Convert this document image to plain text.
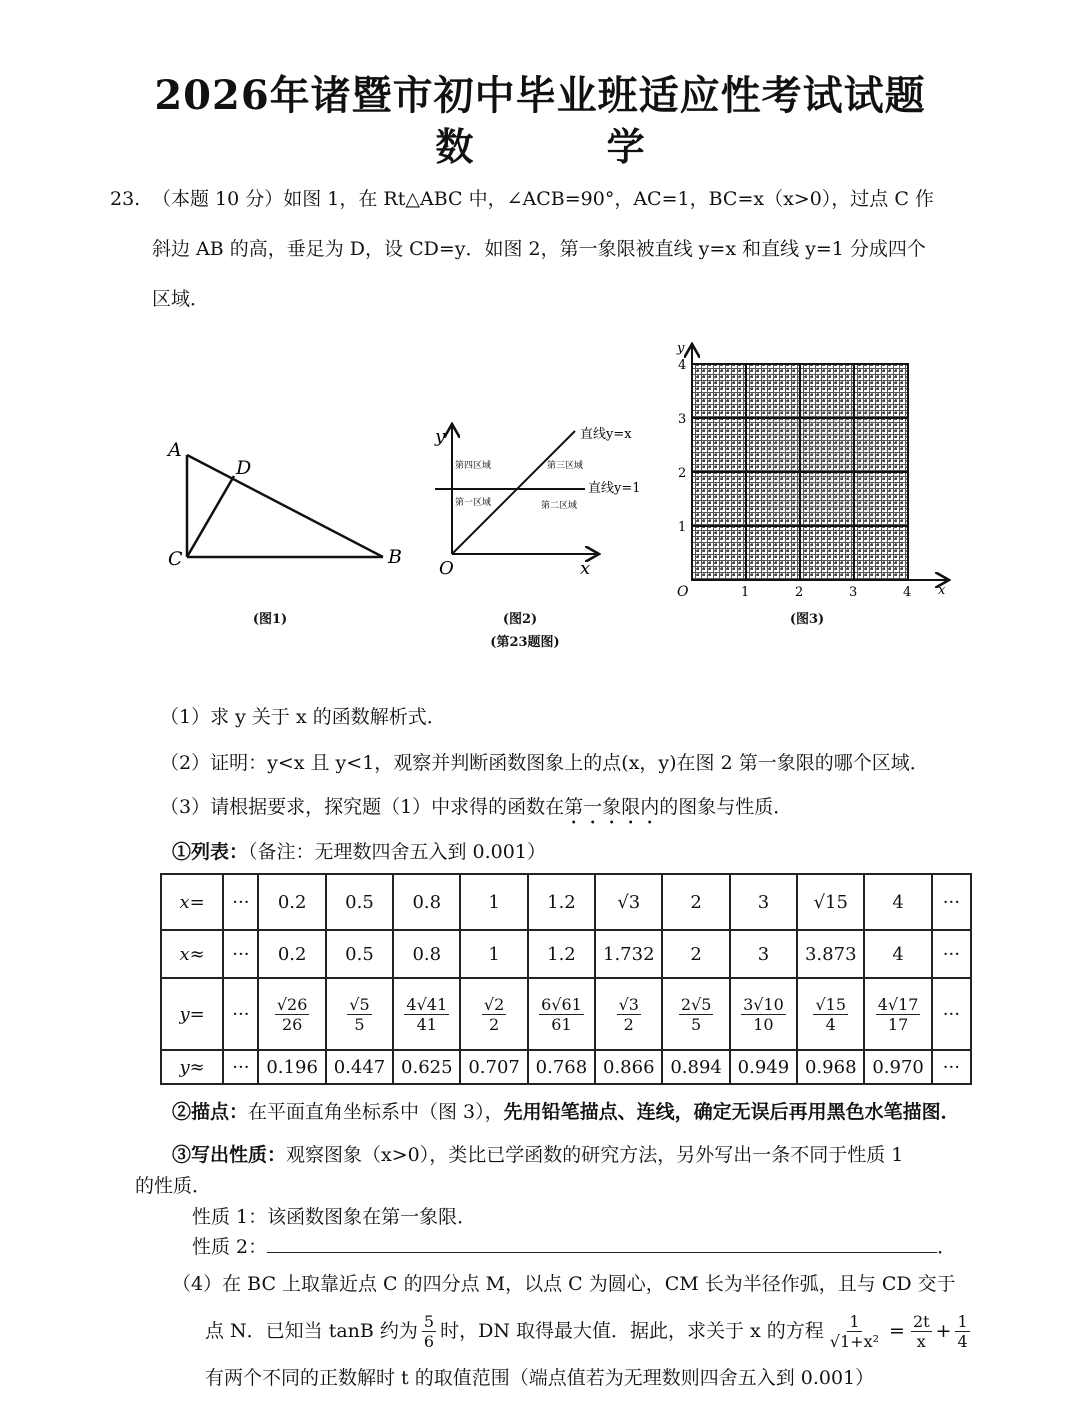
2026年诸暨市初中毕业班适应性考试试题
数 学
23. （本题 10 分）如图 1，在 Rt△ABC 中，∠ACB=90°，AC=1，BC=x（x>0），过点 C 作
斜边 AB 的高，垂足为 D，设 CD=y．如图 2，第一象限被直线 y=x 和直线 y=1 分成四个
区域．
A
D
C	B
(图1)
y
x
O
直线y=x
直线y=1
第四区域	第三区域
第一区域	第二区域
(图2)
(第23题图)
y
x
O	1	2	3	4
1
2
3
4
(图3)
（1）求 y 关于 x 的函数解析式．
（2）证明：y<x 且 y<1，观察并判断函数图象上的点(x，y)在图 2 第一象限的哪个区域．
（3）请根据要求，探究题（1）中求得的函数在第一象限内的图象与性质．
①列表：（备注：无理数四舍五入到 0.001）
x=	···	0.2	0.5	0.8	1	1.2	√3	2	3	√15	4	···
x≈	···	0.2	0.5	0.8	1	1.2	1.732	2	3	3.873	4	···
y=	···	$\frac{√26}{26}$	$\frac{√5}{5}$	$\frac{4√41}{41}$	$\frac{√2}{2}$	$\frac{6√61}{61}$	$\frac{√3}{2}$	$\frac{2√5}{5}$	$\frac{3√10}{10}$	$\frac{√15}{4}$	$\frac{4√17}{17}$	···
y≈	···	0.196	0.447	0.625	0.707	0.768	0.866	0.894	0.949	0.968	0.970	···
②描点：在平面直角坐标系中（图 3），先用铅笔描点、连线，确定无误后再用黑色水笔描图．
③写出性质：观察图象（x>0），类比已学函数的研究方法，另外写出一条不同于性质 1
的性质．
性质 1：该函数图象在第一象限．
性质 2：	．
（4）在 BC 上取靠近点 C 的四分点 M，以点 C 为圆心，CM 长为半径作弧，且与 CD 交于
点 N．已知当 tanB 约为 $\frac{5}{6}$ 时，DN 取得最大值．据此，求关于 x 的方程 $\frac{1}{\text{√1+x²}} = \frac{2t}{x} + \frac{1}{4}$
有两个不同的正数解时 t 的取值范围（端点值若为无理数则四舍五入到 0.001）
